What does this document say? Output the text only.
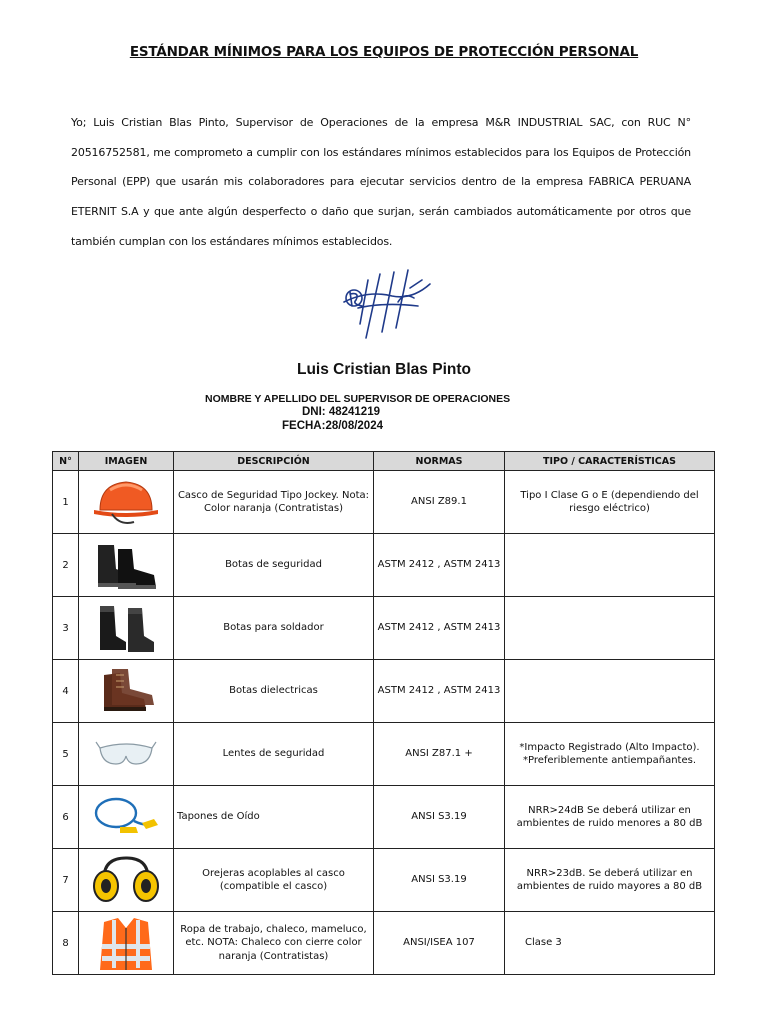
ESTÁNDAR MÍNIMOS PARA LOS EQUIPOS DE PROTECCIÓN PERSONAL
Yo; Luis Cristian Blas Pinto, Supervisor de Operaciones de la empresa M&R INDUSTRIAL SAC, con RUC N° 20516752581, me comprometo a cumplir con los estándares mínimos establecidos para los Equipos de Protección Personal (EPP) que usarán mis colaboradores para ejecutar servicios dentro de la empresa FABRICA PERUANA ETERNIT S.A y que ante algún desperfecto o daño que surjan, serán cambiados automáticamente por otros que también cumplan con los estándares mínimos establecidos.
Luis Cristian Blas Pinto
NOMBRE Y APELLIDO DEL SUPERVISOR DE OPERACIONES
DNI: 48241219
FECHA:28/08/2024
N°	IMAGEN	DESCRIPCIÓN	NORMAS	TIPO / CARACTERÍSTICAS
1		Casco de Seguridad Tipo Jockey. Nota: Color naranja (Contratistas)	ANSI Z89.1	Tipo I Clase G o E (dependiendo del riesgo eléctrico)

2		Botas de seguridad	ASTM 2412 , ASTM 2413	

3		Botas para soldador	ASTM 2412 , ASTM 2413	

4		Botas dielectricas	ASTM 2412 , ASTM 2413	

5		Lentes de seguridad	ANSI Z87.1 +	*Impacto Registrado (Alto Impacto). *Preferiblemente antiempañantes.

6		Tapones de Oído	ANSI S3.19	NRR>24dB Se deberá utilizar en ambientes de ruido menores a 80 dB

7		Orejeras acoplables al casco (compatible el casco)	ANSI S3.19	NRR>23dB. Se deberá utilizar en ambientes de ruido mayores a 80 dB

8		Ropa de trabajo, chaleco, mameluco, etc. NOTA: Chaleco con cierre color naranja (Contratistas)	ANSI/ISEA 107	Clase 3
